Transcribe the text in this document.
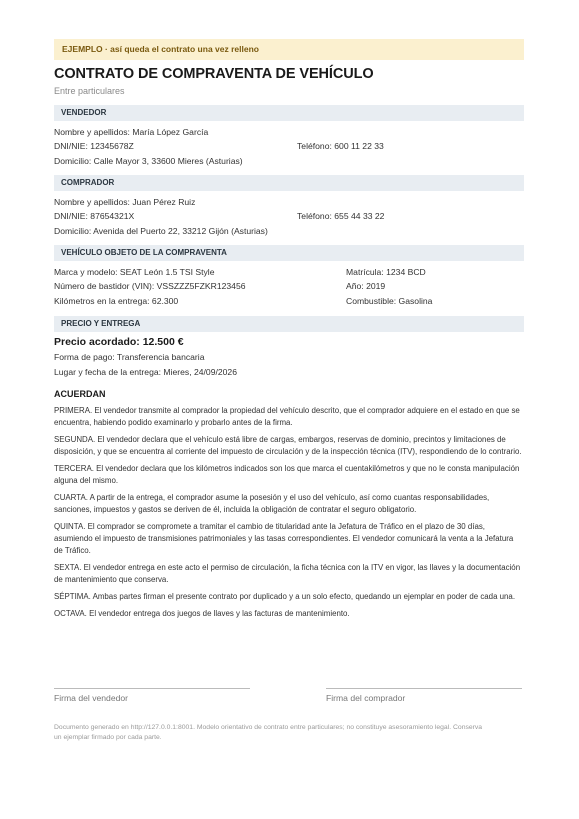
EJEMPLO · así queda el contrato una vez relleno
CONTRATO DE COMPRAVENTA DE VEHÍCULO
Entre particulares
VENDEDOR
Nombre y apellidos: María López García
DNI/NIE: 12345678Z	Teléfono: 600 11 22 33
Domicilio: Calle Mayor 3, 33600 Mieres (Asturias)
COMPRADOR
Nombre y apellidos: Juan Pérez Ruiz
DNI/NIE: 87654321X	Teléfono: 655 44 33 22
Domicilio: Avenida del Puerto 22, 33212 Gijón (Asturias)
VEHÍCULO OBJETO DE LA COMPRAVENTA
Marca y modelo: SEAT León 1.5 TSI Style	Matrícula: 1234 BCD
Número de bastidor (VIN): VSSZZZ5FZKR123456	Año: 2019
Kilómetros en la entrega: 62.300	Combustible: Gasolina
PRECIO Y ENTREGA
Precio acordado: 12.500 €
Forma de pago: Transferencia bancaria
Lugar y fecha de la entrega: Mieres, 24/09/2026
ACUERDAN

PRIMERA. El vendedor transmite al comprador la propiedad del vehículo descrito, que el comprador adquiere en el estado en que se encuentra, habiendo podido examinarlo y probarlo antes de la firma.

SEGUNDA. El vendedor declara que el vehículo está libre de cargas, embargos, reservas de dominio, precintos y limitaciones de disposición, y que se encuentra al corriente del impuesto de circulación y de la inspección técnica (ITV), respondiendo de lo contrario.

TERCERA. El vendedor declara que los kilómetros indicados son los que marca el cuentakilómetros y que no le consta manipulación alguna del mismo.

CUARTA. A partir de la entrega, el comprador asume la posesión y el uso del vehículo, así como cuantas responsabilidades, sanciones, impuestos y gastos se deriven de él, incluida la obligación de contratar el seguro obligatorio.

QUINTA. El comprador se compromete a tramitar el cambio de titularidad ante la Jefatura de Tráfico en el plazo de 30 días, asumiendo el impuesto de transmisiones patrimoniales y las tasas correspondientes. El vendedor comunicará la venta a la Jefatura de Tráfico.

SEXTA. El vendedor entrega en este acto el permiso de circulación, la ficha técnica con la ITV en vigor, las llaves y la documentación de mantenimiento que conserva.

SÉPTIMA. Ambas partes firman el presente contrato por duplicado y a un solo efecto, quedando un ejemplar en poder de cada una.

OCTAVA. El vendedor entrega dos juegos de llaves y las facturas de mantenimiento.

Firma del vendedor	Firma del comprador
Documento generado en http://127.0.0.1:8001. Modelo orientativo de contrato entre particulares; no constituye asesoramiento legal. Conserva un ejemplar firmado por cada parte.
